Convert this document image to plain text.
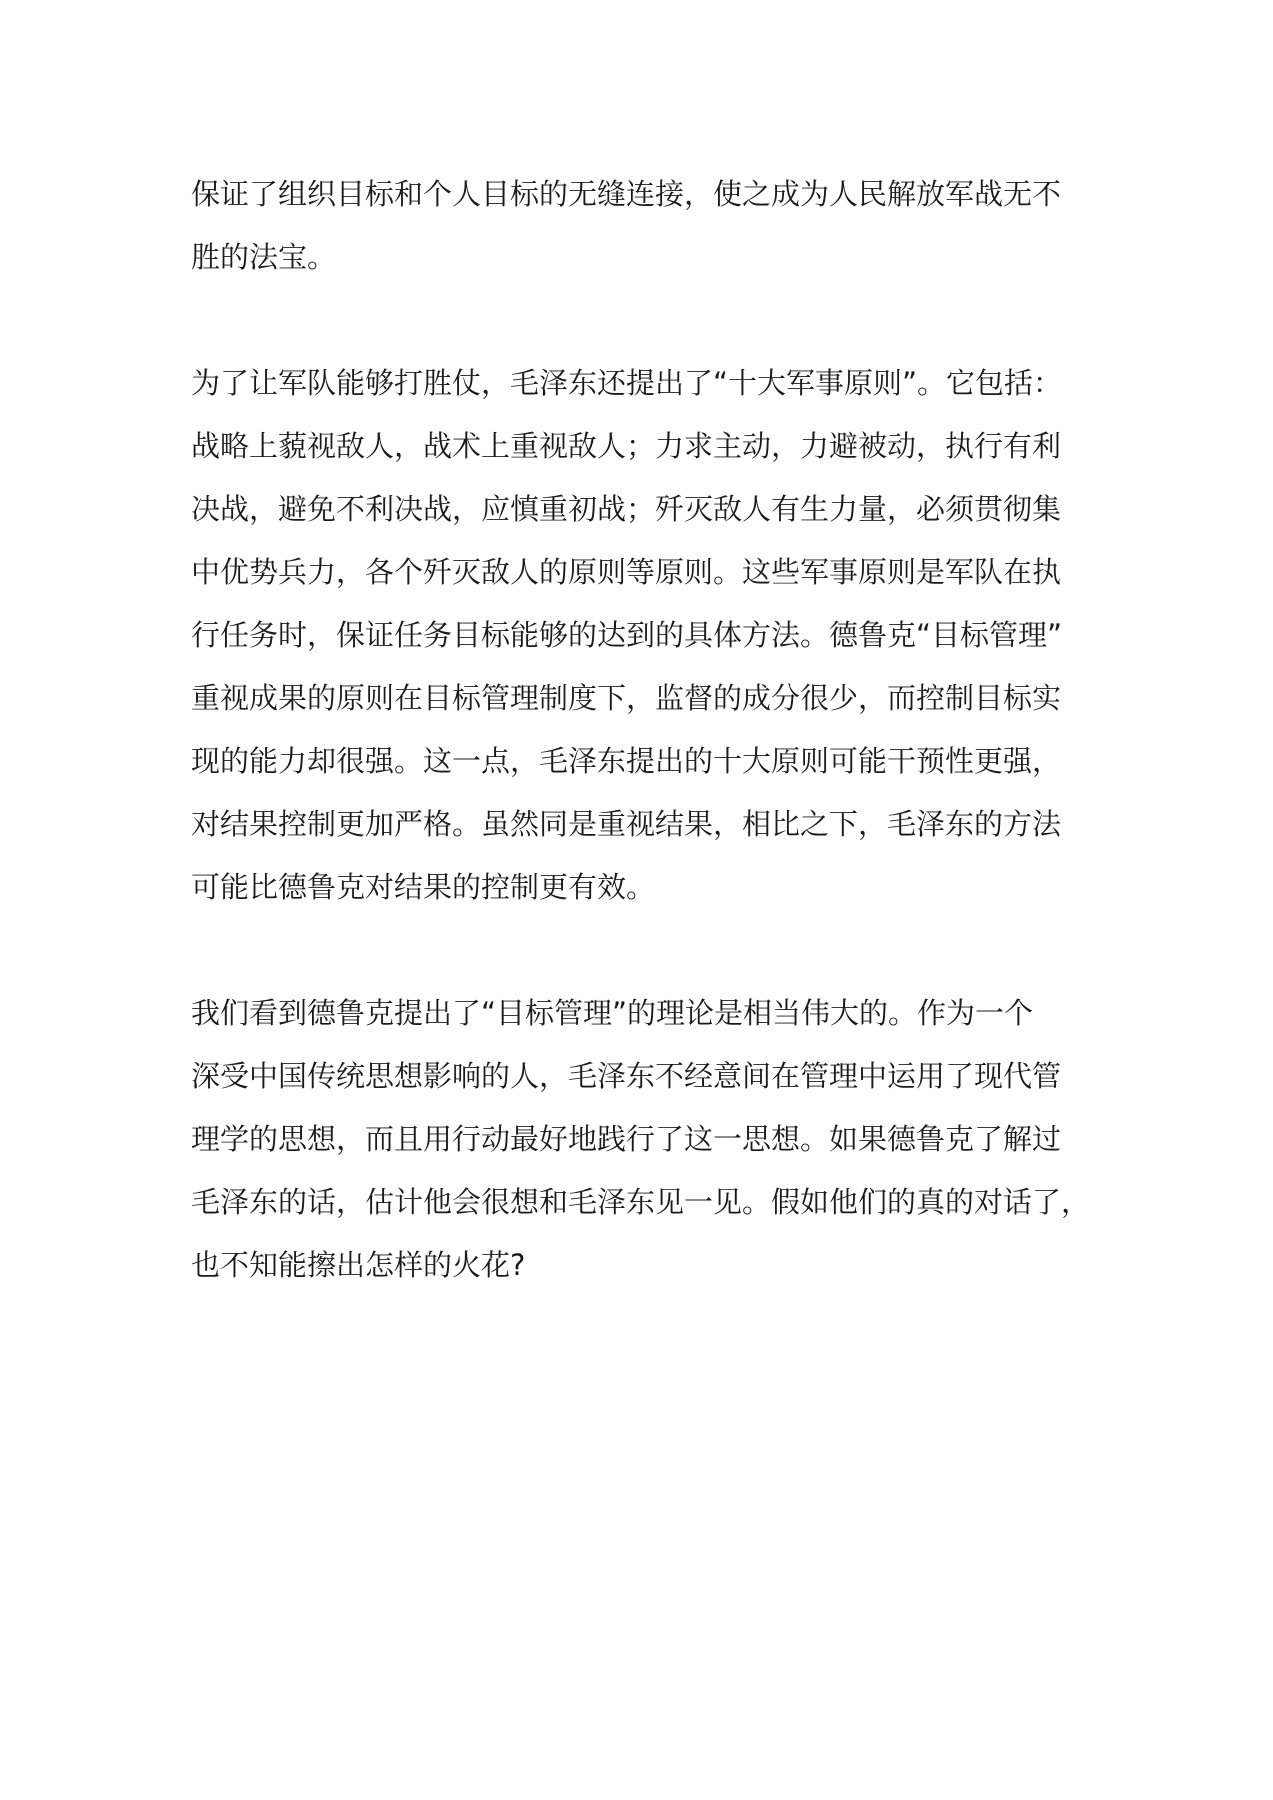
保证了组织目标和个人目标的无缝连接，使之成为人民解放军战无不
胜的法宝。
为了让军队能够打胜仗，毛泽东还提出了“十大军事原则”。它包括：
战略上藐视敌人，战术上重视敌人；力求主动，力避被动，执行有利
决战，避免不利决战，应慎重初战；歼灭敌人有生力量，必须贯彻集
中优势兵力，各个歼灭敌人的原则等原则。这些军事原则是军队在执
行任务时，保证任务目标能够的达到的具体方法。德鲁克“目标管理”
重视成果的原则在目标管理制度下，监督的成分很少，而控制目标实
现的能力却很强。这一点，毛泽东提出的十大原则可能干预性更强，
对结果控制更加严格。虽然同是重视结果，相比之下，毛泽东的方法
可能比德鲁克对结果的控制更有效。
我们看到德鲁克提出了“目标管理”的理论是相当伟大的。作为一个
深受中国传统思想影响的人，毛泽东不经意间在管理中运用了现代管
理学的思想，而且用行动最好地践行了这一思想。如果德鲁克了解过
毛泽东的话，估计他会很想和毛泽东见一见。假如他们的真的对话了，
也不知能擦出怎样的火花?
